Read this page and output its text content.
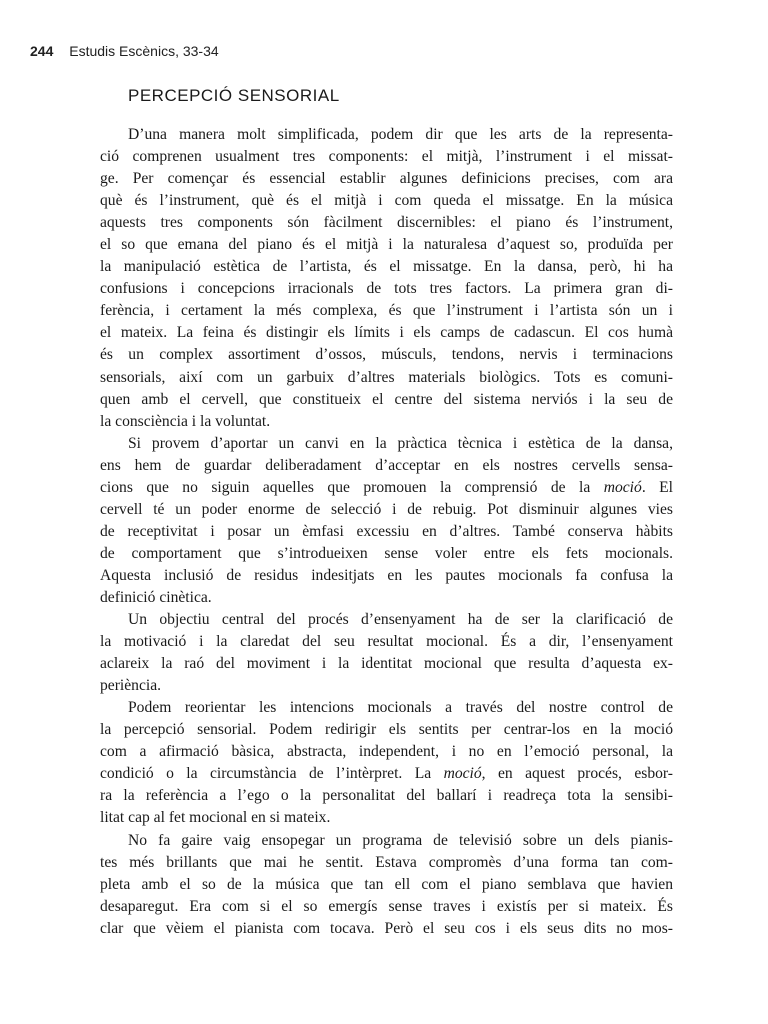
244 Estudis Escènics, 33-34
PERCEPCIÓ SENSORIAL
D’una manera molt simplificada, podem dir que les arts de la representa-
ció comprenen usualment tres components: el mitjà, l’instrument i el missat-
ge. Per començar és essencial establir algunes definicions precises, com ara
què és l’instrument, què és el mitjà i com queda el missatge. En la música
aquests tres components són fàcilment discernibles: el piano és l’instrument,
el so que emana del piano és el mitjà i la naturalesa d’aquest so, produïda per
la manipulació estètica de l’artista, és el missatge. En la dansa, però, hi ha
confusions i concepcions irracionals de tots tres factors. La primera gran di-
ferència, i certament la més complexa, és que l’instrument i l’artista són un i
el mateix. La feina és distingir els límits i els camps de cadascun. El cos humà
és un complex assortiment d’ossos, músculs, tendons, nervis i terminacions
sensorials, així com un garbuix d’altres materials biològics. Tots es comuni-
quen amb el cervell, que constitueix el centre del sistema nerviós i la seu de
la consciència i la voluntat.
Si provem d’aportar un canvi en la pràctica tècnica i estètica de la dansa,
ens hem de guardar deliberadament d’acceptar en els nostres cervells sensa-
cions que no siguin aquelles que promouen la comprensió de la moció. El
cervell té un poder enorme de selecció i de rebuig. Pot disminuir algunes vies
de receptivitat i posar un èmfasi excessiu en d’altres. També conserva hàbits
de comportament que s’introdueixen sense voler entre els fets mocionals.
Aquesta inclusió de residus indesitjats en les pautes mocionals fa confusa la
definició cinètica.
Un objectiu central del procés d’ensenyament ha de ser la clarificació de
la motivació i la claredat del seu resultat mocional. És a dir, l’ensenyament
aclareix la raó del moviment i la identitat mocional que resulta d’aquesta ex-
periència.
Podem reorientar les intencions mocionals a través del nostre control de
la percepció sensorial. Podem redirigir els sentits per centrar-los en la moció
com a afirmació bàsica, abstracta, independent, i no en l’emoció personal, la
condició o la circumstància de l’intèrpret. La moció, en aquest procés, esbor-
ra la referència a l’ego o la personalitat del ballarí i readreça tota la sensibi-
litat cap al fet mocional en si mateix.
No fa gaire vaig ensopegar un programa de televisió sobre un dels pianis-
tes més brillants que mai he sentit. Estava compromès d’una forma tan com-
pleta amb el so de la música que tan ell com el piano semblava que havien
desaparegut. Era com si el so emergís sense traves i existís per si mateix. És
clar que vèiem el pianista com tocava. Però el seu cos i els seus dits no mos-
